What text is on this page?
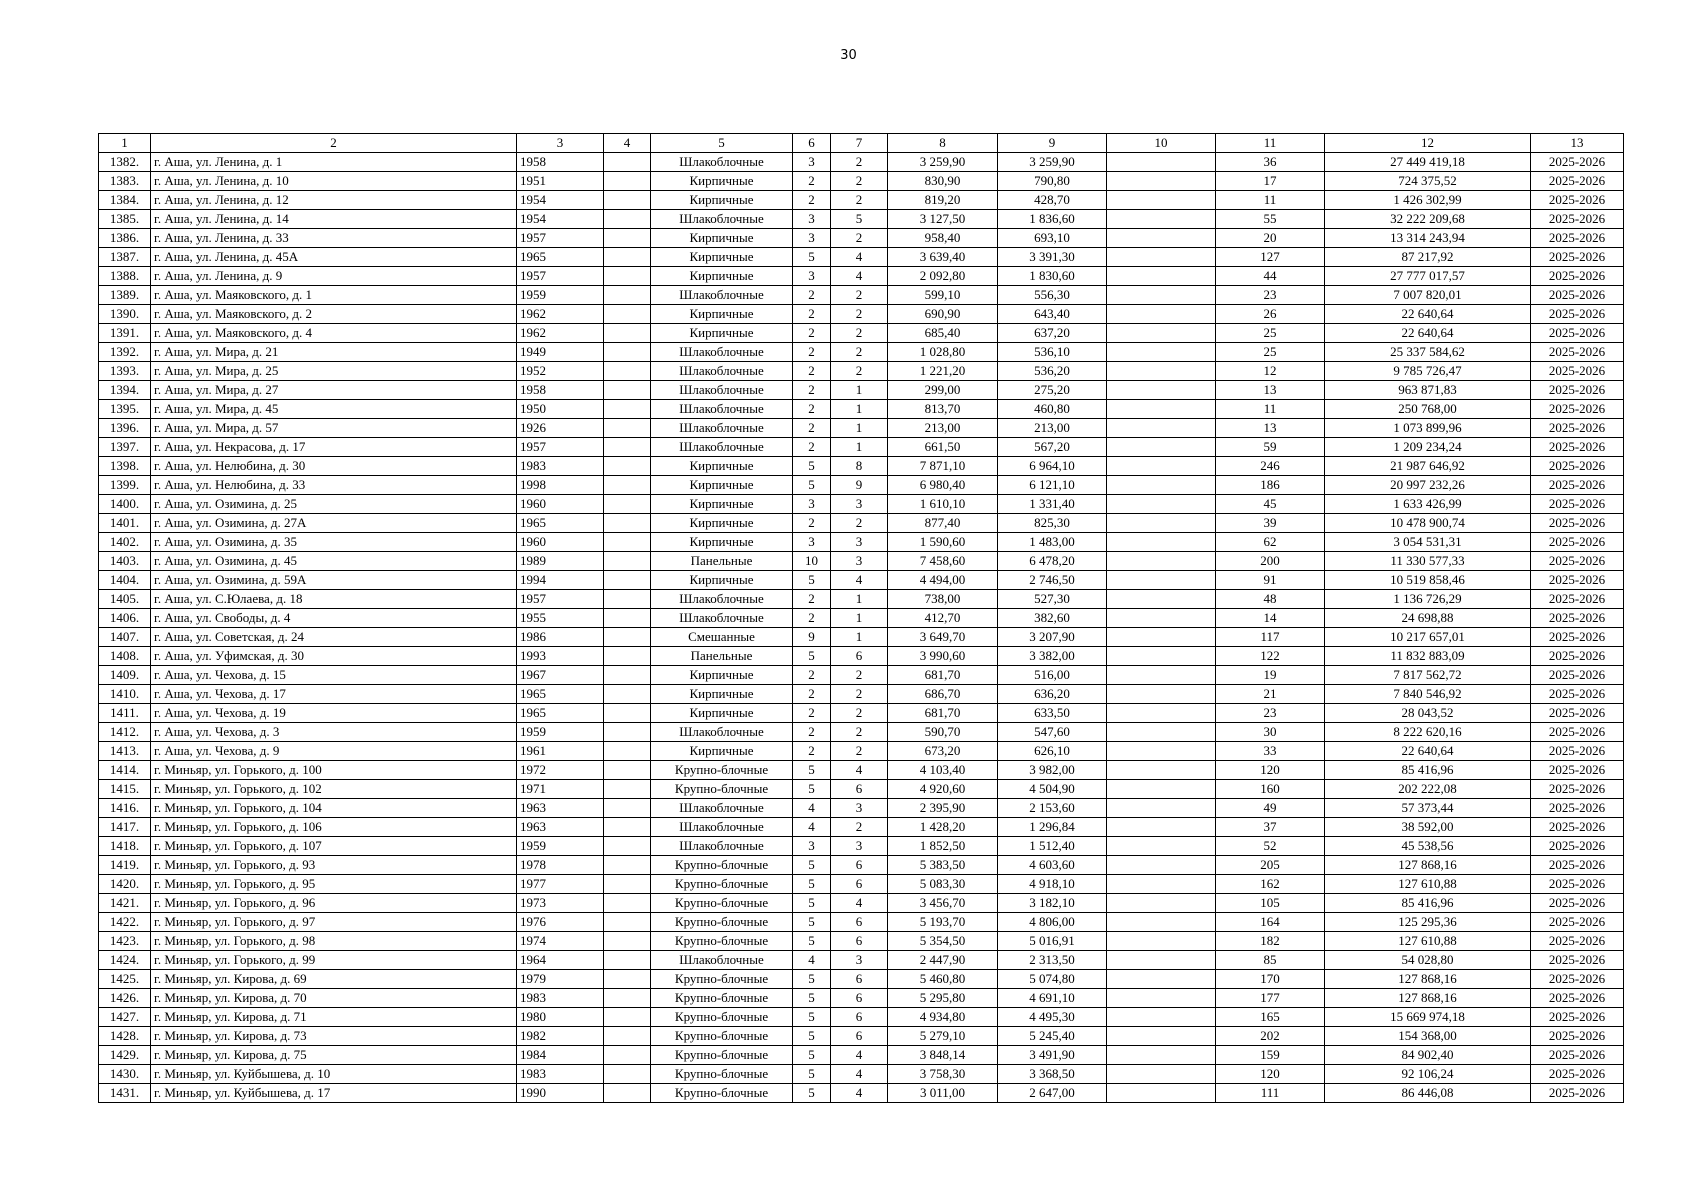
30
1	2	3	4	5	6	7	8	9	10	11	12	13
1382.	г. Аша, ул. Ленина, д. 1	1958		Шлакоблочные	3	2	3 259,90	3 259,90		36	27 449 419,18	2025-2026
1383.	г. Аша, ул. Ленина, д. 10	1951		Кирпичные	2	2	830,90	790,80		17	724 375,52	2025-2026
1384.	г. Аша, ул. Ленина, д. 12	1954		Кирпичные	2	2	819,20	428,70		11	1 426 302,99	2025-2026
1385.	г. Аша, ул. Ленина, д. 14	1954		Шлакоблочные	3	5	3 127,50	1 836,60		55	32 222 209,68	2025-2026
1386.	г. Аша, ул. Ленина, д. 33	1957		Кирпичные	3	2	958,40	693,10		20	13 314 243,94	2025-2026
1387.	г. Аша, ул. Ленина, д. 45А	1965		Кирпичные	5	4	3 639,40	3 391,30		127	87 217,92	2025-2026
1388.	г. Аша, ул. Ленина, д. 9	1957		Кирпичные	3	4	2 092,80	1 830,60		44	27 777 017,57	2025-2026
1389.	г. Аша, ул. Маяковского, д. 1	1959		Шлакоблочные	2	2	599,10	556,30		23	7 007 820,01	2025-2026
1390.	г. Аша, ул. Маяковского, д. 2	1962		Кирпичные	2	2	690,90	643,40		26	22 640,64	2025-2026
1391.	г. Аша, ул. Маяковского, д. 4	1962		Кирпичные	2	2	685,40	637,20		25	22 640,64	2025-2026
1392.	г. Аша, ул. Мира, д. 21	1949		Шлакоблочные	2	2	1 028,80	536,10		25	25 337 584,62	2025-2026
1393.	г. Аша, ул. Мира, д. 25	1952		Шлакоблочные	2	2	1 221,20	536,20		12	9 785 726,47	2025-2026
1394.	г. Аша, ул. Мира, д. 27	1958		Шлакоблочные	2	1	299,00	275,20		13	963 871,83	2025-2026
1395.	г. Аша, ул. Мира, д. 45	1950		Шлакоблочные	2	1	813,70	460,80		11	250 768,00	2025-2026
1396.	г. Аша, ул. Мира, д. 57	1926		Шлакоблочные	2	1	213,00	213,00		13	1 073 899,96	2025-2026
1397.	г. Аша, ул. Некрасова, д. 17	1957		Шлакоблочные	2	1	661,50	567,20		59	1 209 234,24	2025-2026
1398.	г. Аша, ул. Нелюбина, д. 30	1983		Кирпичные	5	8	7 871,10	6 964,10		246	21 987 646,92	2025-2026
1399.	г. Аша, ул. Нелюбина, д. 33	1998		Кирпичные	5	9	6 980,40	6 121,10		186	20 997 232,26	2025-2026
1400.	г. Аша, ул. Озимина, д. 25	1960		Кирпичные	3	3	1 610,10	1 331,40		45	1 633 426,99	2025-2026
1401.	г. Аша, ул. Озимина, д. 27А	1965		Кирпичные	2	2	877,40	825,30		39	10 478 900,74	2025-2026
1402.	г. Аша, ул. Озимина, д. 35	1960		Кирпичные	3	3	1 590,60	1 483,00		62	3 054 531,31	2025-2026
1403.	г. Аша, ул. Озимина, д. 45	1989		Панельные	10	3	7 458,60	6 478,20		200	11 330 577,33	2025-2026
1404.	г. Аша, ул. Озимина, д. 59А	1994		Кирпичные	5	4	4 494,00	2 746,50		91	10 519 858,46	2025-2026
1405.	г. Аша, ул. С.Юлаева, д. 18	1957		Шлакоблочные	2	1	738,00	527,30		48	1 136 726,29	2025-2026
1406.	г. Аша, ул. Свободы, д. 4	1955		Шлакоблочные	2	1	412,70	382,60		14	24 698,88	2025-2026
1407.	г. Аша, ул. Советская, д. 24	1986		Смешанные	9	1	3 649,70	3 207,90		117	10 217 657,01	2025-2026
1408.	г. Аша, ул. Уфимская, д. 30	1993		Панельные	5	6	3 990,60	3 382,00		122	11 832 883,09	2025-2026
1409.	г. Аша, ул. Чехова, д. 15	1967		Кирпичные	2	2	681,70	516,00		19	7 817 562,72	2025-2026
1410.	г. Аша, ул. Чехова, д. 17	1965		Кирпичные	2	2	686,70	636,20		21	7 840 546,92	2025-2026
1411.	г. Аша, ул. Чехова, д. 19	1965		Кирпичные	2	2	681,70	633,50		23	28 043,52	2025-2026
1412.	г. Аша, ул. Чехова, д. 3	1959		Шлакоблочные	2	2	590,70	547,60		30	8 222 620,16	2025-2026
1413.	г. Аша, ул. Чехова, д. 9	1961		Кирпичные	2	2	673,20	626,10		33	22 640,64	2025-2026
1414.	г. Миньяр, ул. Горького, д. 100	1972		Крупно-блочные	5	4	4 103,40	3 982,00		120	85 416,96	2025-2026
1415.	г. Миньяр, ул. Горького, д. 102	1971		Крупно-блочные	5	6	4 920,60	4 504,90		160	202 222,08	2025-2026
1416.	г. Миньяр, ул. Горького, д. 104	1963		Шлакоблочные	4	3	2 395,90	2 153,60		49	57 373,44	2025-2026
1417.	г. Миньяр, ул. Горького, д. 106	1963		Шлакоблочные	4	2	1 428,20	1 296,84		37	38 592,00	2025-2026
1418.	г. Миньяр, ул. Горького, д. 107	1959		Шлакоблочные	3	3	1 852,50	1 512,40		52	45 538,56	2025-2026
1419.	г. Миньяр, ул. Горького, д. 93	1978		Крупно-блочные	5	6	5 383,50	4 603,60		205	127 868,16	2025-2026
1420.	г. Миньяр, ул. Горького, д. 95	1977		Крупно-блочные	5	6	5 083,30	4 918,10		162	127 610,88	2025-2026
1421.	г. Миньяр, ул. Горького, д. 96	1973		Крупно-блочные	5	4	3 456,70	3 182,10		105	85 416,96	2025-2026
1422.	г. Миньяр, ул. Горького, д. 97	1976		Крупно-блочные	5	6	5 193,70	4 806,00		164	125 295,36	2025-2026
1423.	г. Миньяр, ул. Горького, д. 98	1974		Крупно-блочные	5	6	5 354,50	5 016,91		182	127 610,88	2025-2026
1424.	г. Миньяр, ул. Горького, д. 99	1964		Шлакоблочные	4	3	2 447,90	2 313,50		85	54 028,80	2025-2026
1425.	г. Миньяр, ул. Кирова, д. 69	1979		Крупно-блочные	5	6	5 460,80	5 074,80		170	127 868,16	2025-2026
1426.	г. Миньяр, ул. Кирова, д. 70	1983		Крупно-блочные	5	6	5 295,80	4 691,10		177	127 868,16	2025-2026
1427.	г. Миньяр, ул. Кирова, д. 71	1980		Крупно-блочные	5	6	4 934,80	4 495,30		165	15 669 974,18	2025-2026
1428.	г. Миньяр, ул. Кирова, д. 73	1982		Крупно-блочные	5	6	5 279,10	5 245,40		202	154 368,00	2025-2026
1429.	г. Миньяр, ул. Кирова, д. 75	1984		Крупно-блочные	5	4	3 848,14	3 491,90		159	84 902,40	2025-2026
1430.	г. Миньяр, ул. Куйбышева, д. 10	1983		Крупно-блочные	5	4	3 758,30	3 368,50		120	92 106,24	2025-2026
1431.	г. Миньяр, ул. Куйбышева, д. 17	1990		Крупно-блочные	5	4	3 011,00	2 647,00		111	86 446,08	2025-2026
